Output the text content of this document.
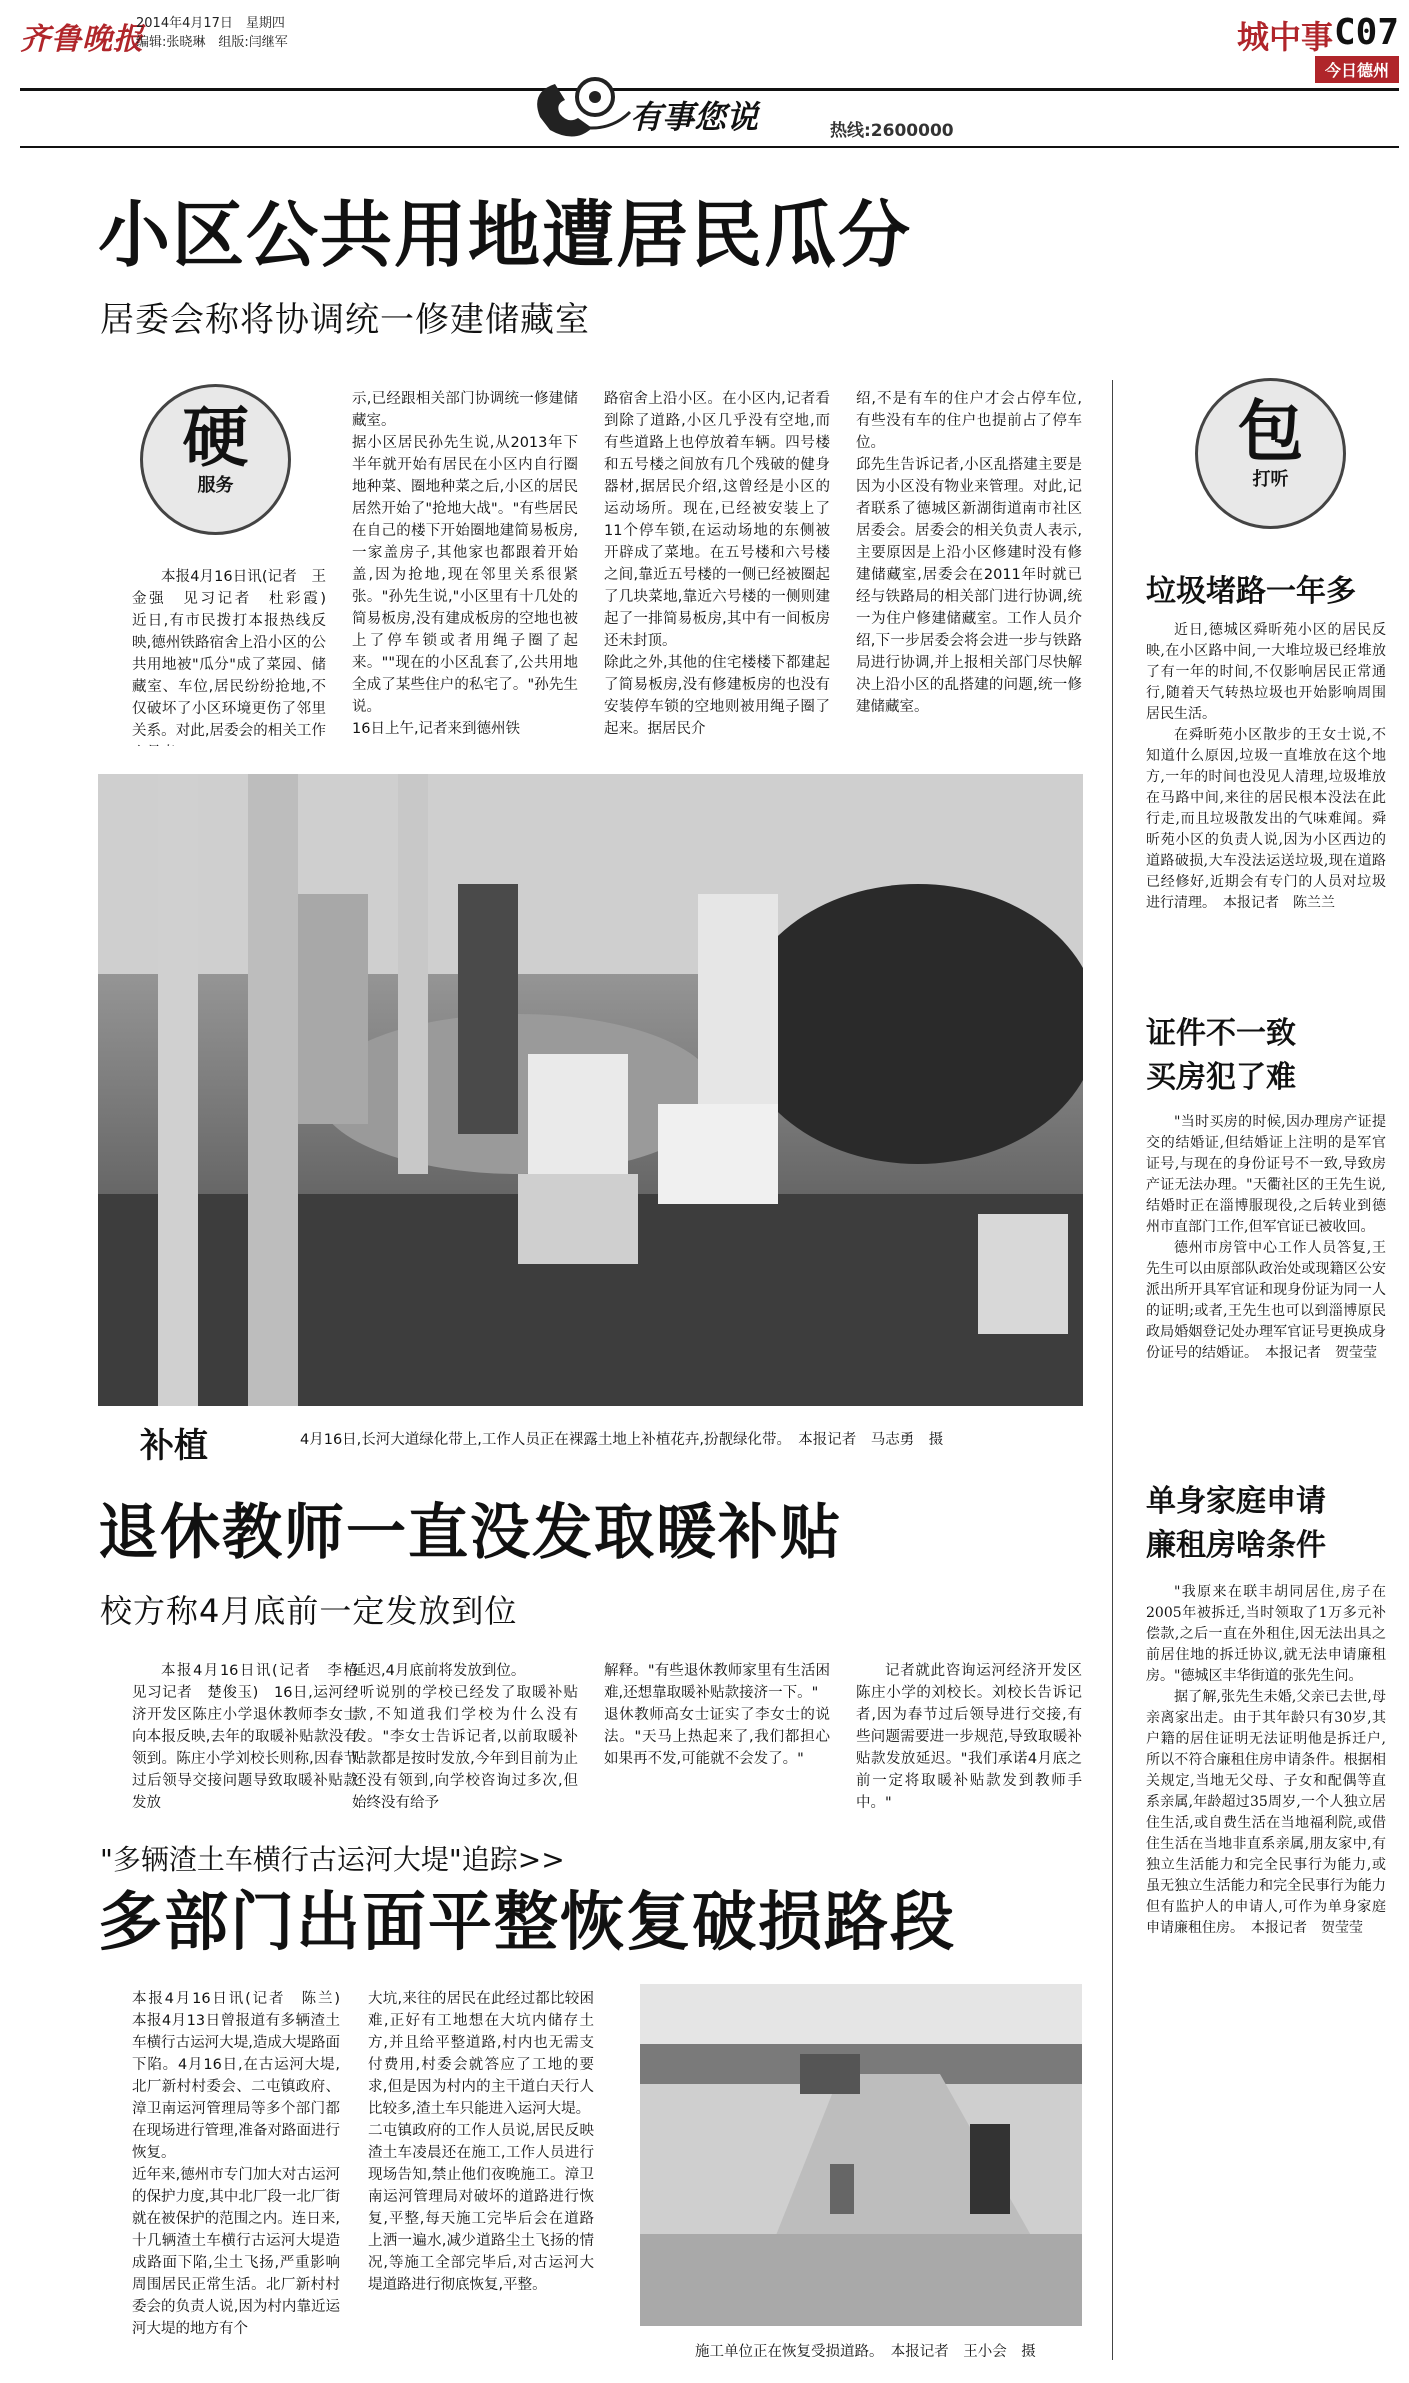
齐鲁晚报
2014年4月17日　星期四
编辑:张晓琳　组版:闫继军	城中事 C07
今日德州
有事您说	热线:2600000
小区公共用地遭居民瓜分
居委会称将协调统一修建储藏室
硬
服务

本报4月16日讯(记者　王金强　见习记者　杜彩霞)　近日,有市民拨打本报热线反映,德州铁路宿舍上沿小区的公共用地被"瓜分"成了菜园、储藏室、车位,居民纷纷抢地,不仅破坏了小区环境更伤了邻里关系。对此,居委会的相关工作

示,已经跟相关部门协调统一修建储藏室。
据小区居民孙先生说,从2013年下半年就开始有居民在小区内自行圈地种菜、圈地种菜之后,小区的居民居然开始了"抢地大战"。"有些居民在自己的楼下开始圈地建简易板房,一家盖房子,其他家也都跟着开始盖,因为抢地,现在邻里关系很紧张。"孙先生说,"小区里有十几处的简易板房,没有建成板房的空地也被上了停车锁或者用绳子圈了起来。""现在的小区乱套了,公共用地全成了某些住户的私宅了。"孙先生说。
16日上午,记者来到德州铁

路宿舍上沿小区。在小区内,记者看到除了道路,小区几乎没有空地,而有些道路上也停放着车辆。四号楼和五号楼之间放有几个残破的健身器材,据居民介绍,这曾经是小区的运动场所。现在,已经被安装上了11个停车锁,在运动场地的东侧被开辟成了菜地。在五号楼和六号楼之间,靠近五号楼的一侧已经被圈起了几块菜地,靠近六号楼的一侧则建起了一排简易板房,其中有一间板房还未封顶。
除此之外,其他的住宅楼楼下都建起了简易板房,没有修建板房的也没有安装停车锁的空地则被用绳子圈了起来。据居民介

绍,不是有车的住户才会占停车位,有些没有车的住户也提前占了停车位。
邱先生告诉记者,小区乱搭建主要是因为小区没有物业来管理。对此,记者联系了德城区新湖街道南市社区居委会。居委会的相关负责人表示,主要原因是上沿小区修建时没有修建储藏室,居委会在2011年时就已经与铁路局的相关部门进行协调,统一为住户修建储藏室。工作人员介绍,下一步居委会将会进一步与铁路局进行协调,并上报相关部门尽快解决上沿小区的乱搭建的问题,统一修建储藏室。

补植	4月16日,长河大道绿化带上,工作人员正在裸露土地上补植花卉,扮靓绿化带。　本报记者　马志勇　摄
退休教师一直没发取暖补贴
校方称4月底前一定发放到位

本报4月16日讯(记者　李椿　见习记者　楚俊玉)　16日,运河经济开发区陈庄小学退休教师李女士向本报反映,去年的取暖补贴款没有领到。陈庄小学刘校长则称,因春节过后领导交接问题导致取暖补贴款发放

延迟,4月底前将发放到位。
"听说别的学校已经发了取暖补贴款,不知道我们学校为什么没有发。"李女士告诉记者,以前取暖补贴款都是按时发放,今年到目前为止还没有领到,向学校咨询过多次,但始终没有给予

解释。"有些退休教师家里有生活困难,还想靠取暖补贴款接济一下。"
退休教师高女士证实了李女士的说法。"天马上热起来了,我们都担心如果再不发,可能就不会发了。"

记者就此咨询运河经济开发区陈庄小学的刘校长。刘校长告诉记者,因为春节过后领导进行交接,有些问题需要进一步规范,导致取暖补贴款发放延迟。"我们承诺4月底之前一定将取暖补贴款发到教师手中。"

"多辆渣土车横行古运河大堤"追踪>>
多部门出面平整恢复破损路段

本报4月16日讯(记者　陈兰)　本报4月13日曾报道有多辆渣土车横行古运河大堤,造成大堤路面下陷。4月16日,在古运河大堤,北厂新村村委会、二屯镇政府、漳卫南运河管理局等多个部门都在现场进行管理,准备对路面进行恢复。
近年来,德州市专门加大对古运河的保护力度,其中北厂段一北厂街就在被保护的范围之内。连日来,十几辆渣土车横行古运河大堤造成路面下陷,尘土飞扬,严重影响周围居民正常生活。北厂新村村委会的负责人说,因为村内靠近运河大堤的地方有个

大坑,来往的居民在此经过都比较困难,正好有工地想在大坑内储存土方,并且给平整道路,村内也无需支付费用,村委会就答应了工地的要求,但是因为村内的主干道白天行人比较多,渣土车只能进入运河大堤。
二屯镇政府的工作人员说,居民反映渣土车凌晨还在施工,工作人员进行现场告知,禁止他们夜晚施工。漳卫南运河管理局对破坏的道路进行恢复,平整,每天施工完毕后会在道路上洒一遍水,减少道路尘土飞扬的情况,等施工全部完毕后,对古运河大堤道路进行彻底恢复,平整。

施工单位正在恢复受损道路。　本报记者　王小会　摄
包
打听
垃圾堵路一年多

近日,德城区舜昕苑小区的居民反映,在小区路中间,一大堆垃圾已经堆放了有一年的时间,不仅影响居民正常通行,随着天气转热垃圾也开始影响周围居民生活。

在舜昕苑小区散步的王女士说,不知道什么原因,垃圾一直堆放在这个地方,一年的时间也没见人清理,垃圾堆放在马路中间,来往的居民根本没法在此行走,而且垃圾散发出的气味难闻。舜昕苑小区的负责人说,因为小区西边的道路破损,大车没法运送垃圾,现在道路已经修好,近期会有专门的人员对垃圾进行清理。　本报记者　陈兰兰

证件不一致
买房犯了难

"当时买房的时候,因办理房产证提交的结婚证,但结婚证上注明的是军官证号,与现在的身份证号不一致,导致房产证无法办理。"天衢社区的王先生说,结婚时正在淄博服现役,之后转业到德州市直部门工作,但军官证已被收回。

德州市房管中心工作人员答复,王先生可以由原部队政治处或现籍区公安派出所开具军官证和现身份证为同一人的证明;或者,王先生也可以到淄博原民政局婚姻登记处办理军官证号更换成身份证号的结婚证。　本报记者　贺莹莹

单身家庭申请
廉租房啥条件

"我原来在联丰胡同居住,房子在2005年被拆迁,当时领取了1万多元补偿款,之后一直在外租住,因无法出具之前居住地的拆迁协议,就无法申请廉租房。"德城区丰华街道的张先生问。

据了解,张先生未婚,父亲已去世,母亲离家出走。由于其年龄只有30岁,其户籍的居住证明无法证明他是拆迁户,所以不符合廉租住房申请条件。根据相关规定,当地无父母、子女和配偶等直系亲属,年龄超过35周岁,一个人独立居住生活,或自费生活在当地福利院,或借住生活在当地非直系亲属,朋友家中,有独立生活能力和完全民事行为能力,或虽无独立生活能力和完全民事行为能力但有监护人的申请人,可作为单身家庭申请廉租住房。　本报记者　贺莹莹
